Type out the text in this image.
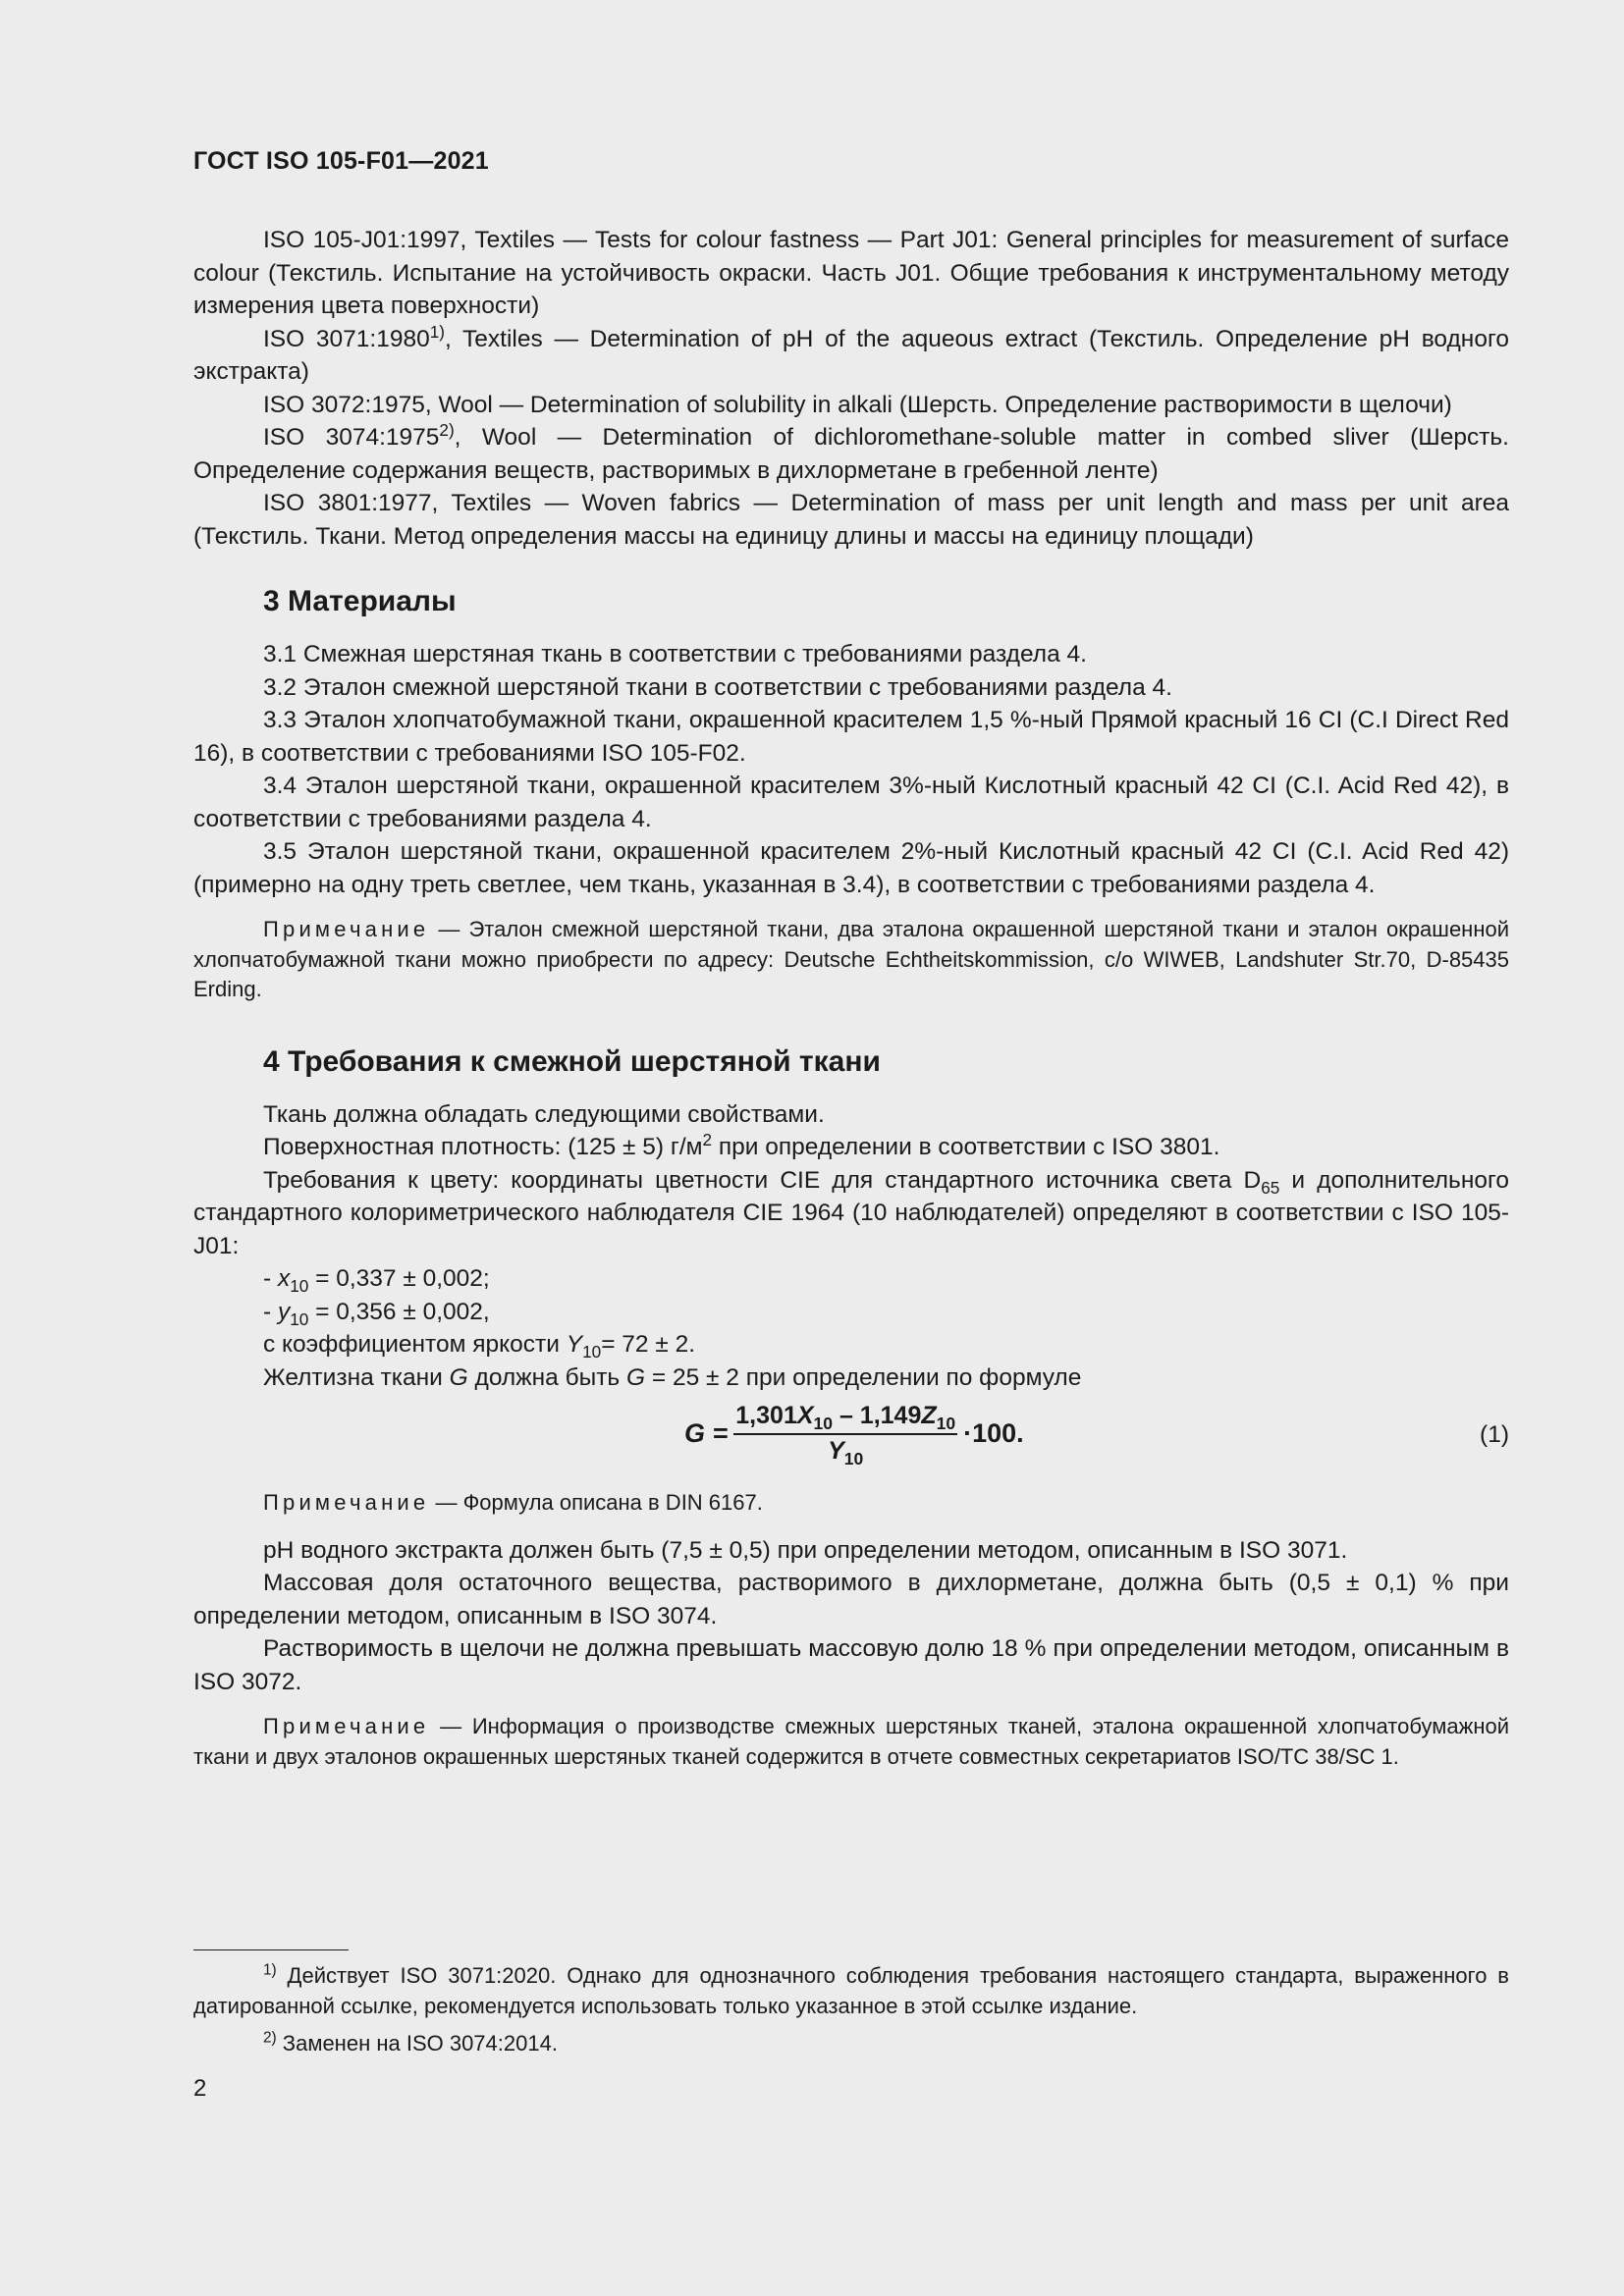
ГОСТ ISO 105-F01—2021

ISO 105-J01:1997, Textiles — Tests for colour fastness — Part J01: General principles for measurement of surface colour (Текстиль. Испытание на устойчивость окраски. Часть J01. Общие требования к инструментальному методу измерения цвета поверхности)

ISO 3071:1980$^{1)}$, Textiles — Determination of pH of the aqueous extract (Текстиль. Определение pH водного экстракта)

ISO 3072:1975, Wool — Determination of solubility in alkali (Шерсть. Определение растворимости в щелочи)

ISO 3074:1975$^{2)}$, Wool — Determination of dichloromethane-soluble matter in combed sliver (Шерсть. Определение содержания веществ, растворимых в дихлорметане в гребенной ленте)

ISO 3801:1977, Textiles — Woven fabrics — Determination of mass per unit length and mass per unit area (Текстиль. Ткани. Метод определения массы на единицу длины и массы на единицу площади)

3 Материалы

3.1 Смежная шерстяная ткань в соответствии с требованиями раздела 4.

3.2 Эталон смежной шерстяной ткани в соответствии с требованиями раздела 4.

3.3 Эталон хлопчатобумажной ткани, окрашенной красителем 1,5 %-ный Прямой красный 16 CI (C.I Direct Red 16), в соответствии с требованиями ISO 105-F02.

3.4 Эталон шерстяной ткани, окрашенной красителем 3%-ный Кислотный красный 42 CI (C.I. Acid Red 42), в соответствии с требованиями раздела 4.

3.5 Эталон шерстяной ткани, окрашенной красителем 2%-ный Кислотный красный 42 CI (C.I. Acid Red 42) (примерно на одну треть светлее, чем ткань, указанная в 3.4), в соответствии с требованиями раздела 4.

Примечание — Эталон смежной шерстяной ткани, два эталона окрашенной шерстяной ткани и эталон окрашенной хлопчатобумажной ткани можно приобрести по адресу: Deutsche Echtheitskommission, c/o WIWEB, Landshuter Str.70, D-85435 Erding.

4 Требования к смежной шерстяной ткани

Ткань должна обладать следующими свойствами.

Поверхностная плотность: (125 ± 5) $г/м^2$ при определении в соответствии с ISO 3801.

Требования к цвету: координаты цветности CIE для стандартного источника света $D_{65}$ и дополнительного стандартного колориметрического наблюдателя CIE 1964 (10 наблюдателей) определяют в соответствии с ISO 105-J01:

- $x_{10} = 0,337 \pm 0,002$;

- $y_{10} = 0,356 \pm 0,002$,

с коэффициентом яркости $Y_{10}= 72 \pm 2$.

Желтизна ткани G должна быть G = 25 ± 2 при определении по формуле

$G = \frac{1,301X_{10} - 1,149Z_{10}}{Y_{10}} \cdot 100$.	(1)

Примечание — Формула описана в DIN 6167.

pH водного экстракта должен быть (7,5 ± 0,5) при определении методом, описанным в ISO 3071.

Массовая доля остаточного вещества, растворимого в дихлорметане, должна быть (0,5 ± 0,1) % при определении методом, описанным в ISO 3074.

Растворимость в щелочи не должна превышать массовую долю 18 % при определении методом, описанным в ISO 3072.

Примечание — Информация о производстве смежных шерстяных тканей, эталона окрашенной хлопчатобумажной ткани и двух эталонов окрашенных шерстяных тканей содержится в отчете совместных секретариатов ISO/TC 38/SC 1.

$^{1)}$ Действует ISO 3071:2020. Однако для однозначного соблюдения требования настоящего стандарта, выраженного в датированной ссылке, рекомендуется использовать только указанное в этой ссылке издание.

$^{2)}$ Заменен на ISO 3074:2014.

2
